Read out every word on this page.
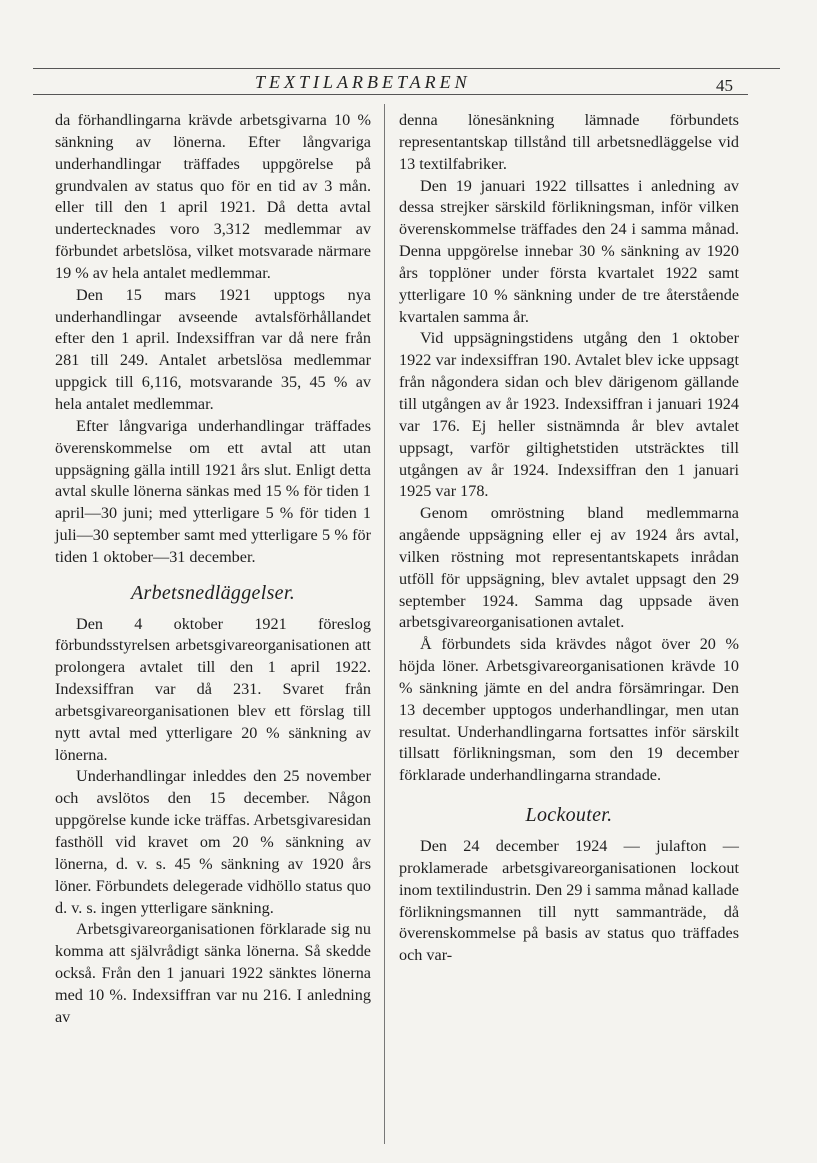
TEXTILARBETAREN	45

da förhandlingarna krävde arbetsgivarna 10 % sänkning av lönerna. Efter långvariga underhandlingar träffades uppgörelse på grundvalen av status quo för en tid av 3 mån. eller till den 1 april 1921. Då detta avtal undertecknades voro 3,312 medlemmar av förbundet arbetslösa, vilket motsvarade närmare 19 % av hela antalet medlemmar.

Den 15 mars 1921 upptogs nya underhandlingar avseende avtalsförhållandet efter den 1 april. Indexsiffran var då nere från 281 till 249. Antalet arbetslösa medlemmar uppgick till 6,116, motsvarande 35, 45 % av hela antalet medlemmar.

Efter långvariga underhandlingar träffades överenskommelse om ett avtal att utan uppsägning gälla intill 1921 års slut. Enligt detta avtal skulle lönerna sänkas med 15 % för tiden 1 april—30 juni; med ytterligare 5 % för tiden 1 juli—30 september samt med ytterligare 5 % för tiden 1 oktober—31 december.

Arbetsnedläggelser.

Den 4 oktober 1921 föreslog förbundsstyrelsen arbetsgivareorganisationen att prolongera avtalet till den 1 april 1922. Indexsiffran var då 231. Svaret från arbetsgivareorganisationen blev ett förslag till nytt avtal med ytterligare 20 % sänkning av lönerna.

Underhandlingar inleddes den 25 november och avslötos den 15 december. Någon uppgörelse kunde icke träffas. Arbetsgivaresidan fasthöll vid kravet om 20 % sänkning av lönerna, d. v. s. 45 % sänkning av 1920 års löner. Förbundets delegerade vidhöllo status quo d. v. s. ingen ytterligare sänkning.

Arbetsgivareorganisationen förklarade sig nu komma att självrådigt sänka lönerna. Så skedde också. Från den 1 januari 1922 sänktes lönerna med 10 %. Indexsiffran var nu 216. I anledning av

denna lönesänkning lämnade förbundets representantskap tillstånd till arbetsnedläggelse vid 13 textilfabriker.

Den 19 januari 1922 tillsattes i anledning av dessa strejker särskild förlikningsman, inför vilken överenskommelse träffades den 24 i samma månad. Denna uppgörelse innebar 30 % sänkning av 1920 års topplöner under första kvartalet 1922 samt ytterligare 10 % sänkning under de tre återstående kvartalen samma år.

Vid uppsägningstidens utgång den 1 oktober 1922 var indexsiffran 190. Avtalet blev icke uppsagt från någondera sidan och blev därigenom gällande till utgången av år 1923. Indexsiffran i januari 1924 var 176. Ej heller sistnämnda år blev avtalet uppsagt, varför giltighetstiden utsträcktes till utgången av år 1924. Indexsiffran den 1 januari 1925 var 178.

Genom omröstning bland medlemmarna angående uppsägning eller ej av 1924 års avtal, vilken röstning mot representantskapets inrådan utföll för uppsägning, blev avtalet uppsagt den 29 september 1924. Samma dag uppsade även arbetsgivareorganisationen avtalet.

Å förbundets sida krävdes något över 20 % höjda löner. Arbetsgivareorganisationen krävde 10 % sänkning jämte en del andra försämringar. Den 13 december upptogos underhandlingar, men utan resultat. Underhandlingarna fortsattes inför särskilt tillsatt förlikningsman, som den 19 december förklarade underhandlingarna strandade.

Lockouter.

Den 24 december 1924 — julafton — proklamerade arbetsgivareorganisationen lockout inom textilindustrin. Den 29 i samma månad kallade förlikningsmannen till nytt sammanträde, då överenskommelse på basis av status quo träffades och var-
